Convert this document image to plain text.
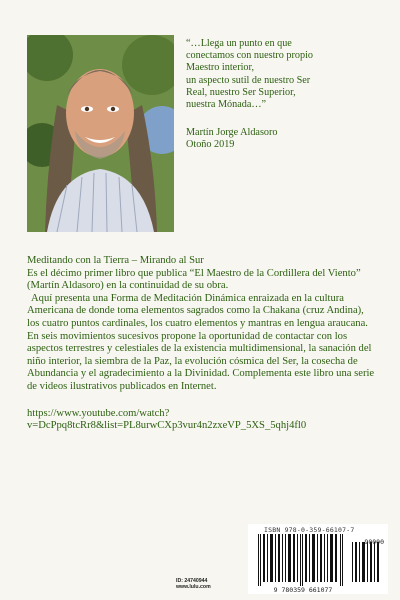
“…Llega un punto en que
conectamos con nuestro propio
Maestro interior,
un aspecto sutil de nuestro Ser
Real, nuestro Ser Superior,
nuestra Mónada…”

Martín Jorge Aldasoro

Otoño 2019

Meditando con la Tierra – Mirando al Sur

Es el décimo primer libro que publica “El Maestro de la Cordillera del Viento” (Martín Aldasoro) en la continuidad de su obra.

Aquí presenta una Forma de Meditación Dinámica enraizada en la cultura Americana de donde toma elementos sagrados como la Chakana (cruz Andina), los cuatro puntos cardinales, los cuatro elementos y mantras en lengua araucana.

En seis movimientos sucesivos propone la oportunidad de contactar con los aspectos terrestres y celestiales de la existencia multidimensional, la sanación del niño interior, la siembra de la Paz, la evolución cósmica del Ser, la cosecha de Abundancia y el agradecimiento a la Divinidad. Complementa este libro una serie de videos ilustrativos publicados en Internet.

https://www.youtube.com/watch?v=DcPpq8tcRr8&list=PL8urwCXp3vur4n2zxeVP_5XS_5qhj4fl0

ID: 24740944
www.lulu.com
ISBN 978-0-359-66107-7
90000
9 780359 661077
